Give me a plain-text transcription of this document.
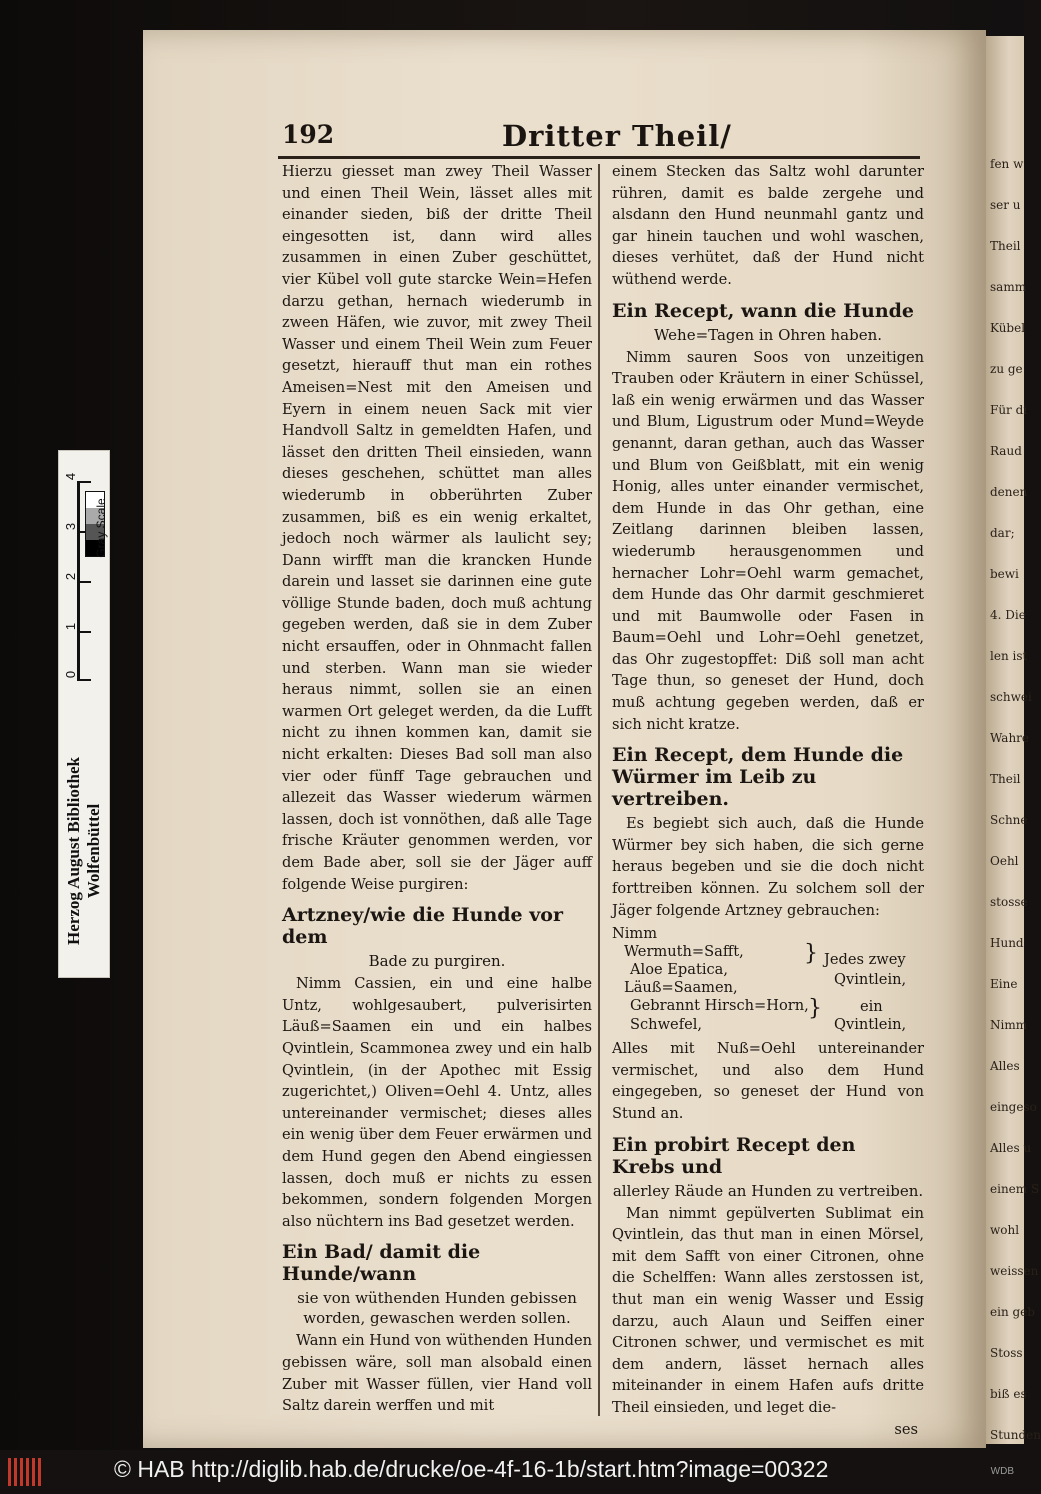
fen w
ser u
Theil
samm
Kübel
zu ge
Für di
Raud
denen
dar;
bewi
4. Die
len ist
schwei
Wahre
Theil
Schne
Oehl
stosse
Hund
Eine
Nimm
Alles
eingeso
Alles u
einem S
wohl
weissen
ein geb
Stoss
biß es
Stunden
192	Dritter Theil/

Hierzu giesset man zwey Theil Wasser und einen Theil Wein, lässet alles mit einander sieden, biß der dritte Theil eingesotten ist, dann wird alles zusammen in einen Zuber geschüttet, vier Kübel voll gute starcke Wein=Hefen darzu gethan, hernach wiederumb in zween Häfen, wie zuvor, mit zwey Theil Wasser und einem Theil Wein zum Feuer gesetzt, hierauff thut man ein rothes Ameisen=Nest mit den Ameisen und Eyern in einem neuen Sack mit vier Handvoll Saltz in gemeldten Hafen, und lässet den dritten Theil einsieden, wann dieses geschehen, schüttet man alles wiederumb in obberührten Zuber zusammen, biß es ein wenig erkaltet, jedoch noch wärmer als laulicht sey; Dann wirfft man die krancken Hunde darein und lasset sie darinnen eine gute völlige Stunde baden, doch muß achtung gegeben werden, daß sie in dem Zuber nicht ersauffen, oder in Ohnmacht fallen und sterben. Wann man sie wieder heraus nimmt, sollen sie an einen warmen Ort geleget werden, da die Lufft nicht zu ihnen kommen kan, damit sie nicht erkalten: Dieses Bad soll man also vier oder fünff Tage gebrauchen und allezeit das Wasser wiederum wärmen lassen, doch ist vonnöthen, daß alle Tage frische Kräuter genommen werden, vor dem Bade aber, soll sie der Jäger auff folgende Weise purgiren:

Artzney/wie die Hunde vor dem
Bade zu purgiren.

Nimm Cassien, ein und eine halbe Untz, wohlgesaubert, pulverisirten Läuß=Saamen ein und ein halbes Qvintlein, Scammonea zwey und ein halb Qvintlein, (in der Apothec mit Essig zugerichtet,) Oliven=Oehl 4. Untz, alles untereinander vermischet; dieses alles ein wenig über dem Feuer erwärmen und dem Hund gegen den Abend eingiessen lassen, doch muß er nichts zu essen bekommen, sondern folgenden Morgen also nüchtern ins Bad gesetzet werden.

Ein Bad/ damit die Hunde/wann
sie von wüthenden Hunden gebissen worden, gewaschen werden sollen.

Wann ein Hund von wüthenden Hunden gebissen wäre, soll man alsobald einen Zuber mit Wasser füllen, vier Hand voll Saltz darein werffen und mit

einem Stecken das Saltz wohl darunter rühren, damit es balde zergehe und alsdann den Hund neunmahl gantz und gar hinein tauchen und wohl waschen, dieses verhütet, daß der Hund nicht wüthend werde.

Ein Recept, wann die Hunde
Wehe=Tagen in Ohren haben.

Nimm sauren Soos von unzeitigen Trauben oder Kräutern in einer Schüssel, laß ein wenig erwärmen und das Wasser und Blum, Ligustrum oder Mund=Weyde genannt, daran gethan, auch das Wasser und Blum von Geißblatt, mit ein wenig Honig, alles unter einander vermischet, dem Hunde in das Ohr gethan, eine Zeitlang darinnen bleiben lassen, wiederumb herausgenommen und hernacher Lohr=Oehl warm gemachet, dem Hunde das Ohr darmit geschmieret und mit Baumwolle oder Fasen in Baum=Oehl und Lohr=Oehl genetzet, das Ohr zugestopffet: Diß soll man acht Tage thun, so geneset der Hund, doch muß achtung gegeben werden, daß er sich nicht kratze.

Ein Recept, dem Hunde die Würmer im Leib zu vertreiben.

Es begiebt sich auch, daß die Hunde Würmer bey sich haben, die sich gerne heraus begeben und sie die doch nicht forttreiben können. Zu solchem soll der Jäger folgende Artzney gebrauchen:

Nimm
Wermuth=Safft,
Aloe Epatica,
Läuß=Saamen,
} Jedes zwey
Qvintlein,
Gebrannt Hirsch=Horn,
Schwefel,
}	ein
Qvintlein,

Alles mit Nuß=Oehl untereinander vermischet, und also dem Hund eingegeben, so geneset der Hund von Stund an.

Ein probirt Recept den Krebs und
allerley Räude an Hunden zu vertreiben.

Man nimmt gepülverten Sublimat ein Qvintlein, das thut man in einen Mörsel, mit dem Safft von einer Citronen, ohne die Schelffen: Wann alles zerstossen ist, thut man ein wenig Wasser und Essig darzu, auch Alaun und Seiffen einer Citronen schwer, und vermischet es mit dem andern, lässet hernach alles miteinander in einem Hafen aufs dritte Theil einsieden, und leget die-

ses

Herzog August Bibliothek Wolfenbüttel
4
3
2
1
0
Gray Scale
© HAB http://diglib.hab.de/drucke/oe-4f-16-1b/start.htm?image=00322	WDB
